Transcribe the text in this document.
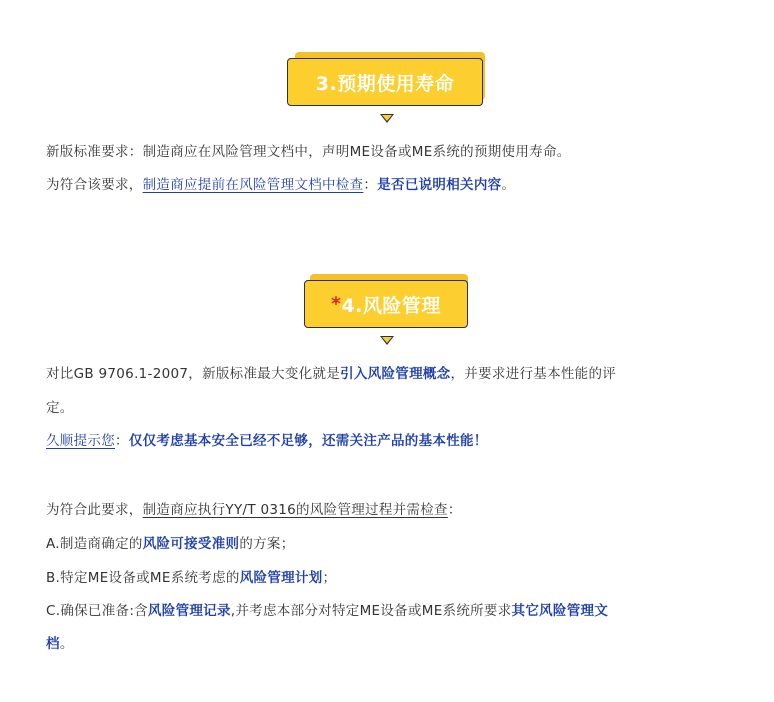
3.预期使用寿命
新版标准要求：制造商应在风险管理文档中，声明ME设备或ME系统的预期使用寿命。
为符合该要求，制造商应提前在风险管理文档中检查：是否已说明相关内容。
* 4.风险管理
对比GB 9706.1-2007，新版标准最大变化就是引入风险管理概念，并要求进行基本性能的评
定。
久顺提示您：仅仅考虑基本安全已经不足够，还需关注产品的基本性能！
为符合此要求，制造商应执行YY/T 0316的风险管理过程并需检查：
A.制造商确定的风险可接受准则的方案；
B.特定ME设备或ME系统考虑的风险管理计划；
C.确保已准备:含风险管理记录,并考虑本部分对特定ME设备或ME系统所要求其它风险管理文
档。
